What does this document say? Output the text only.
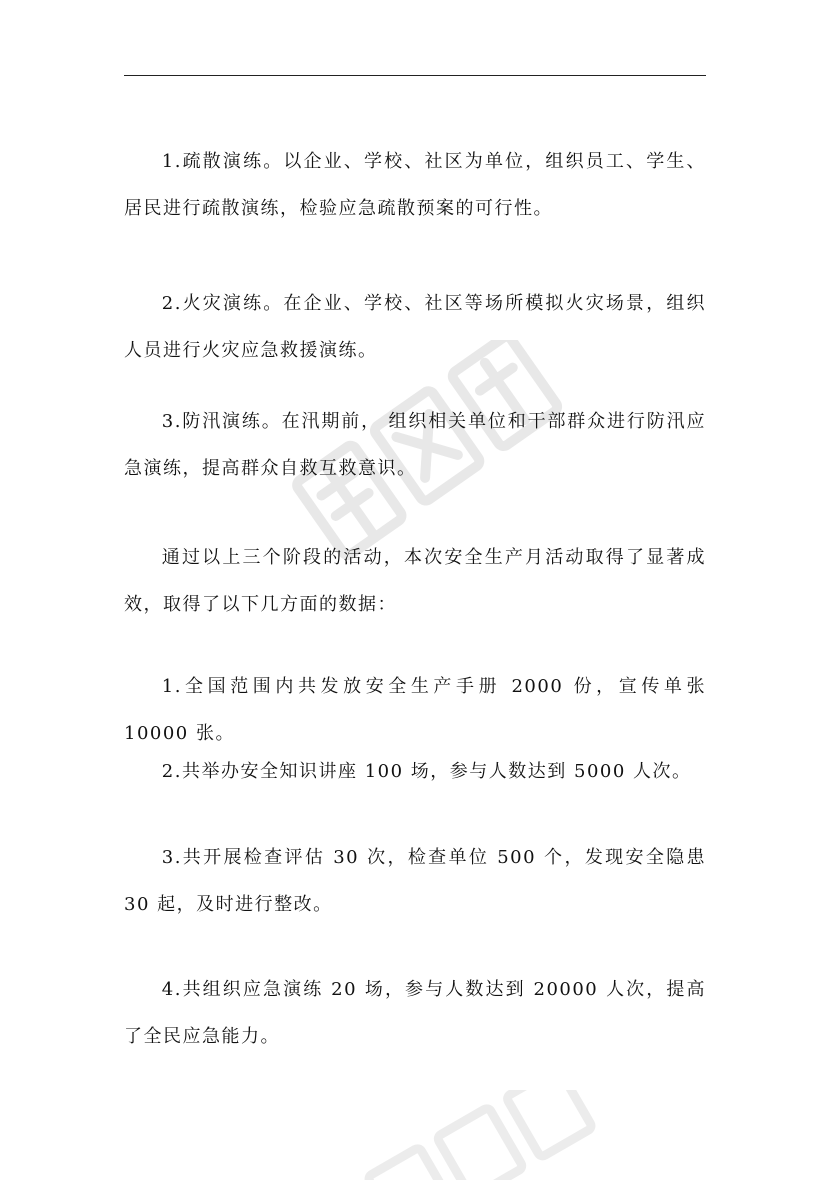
1.疏散演练。以企业、学校、社区为单位，组织员工、学生、居民进行疏散演练，检验应急疏散预案的可行性。

2.火灾演练。在企业、学校、社区等场所模拟火灾场景，组织人员进行火灾应急救援演练。

3.防汛演练。在汛期前， 组织相关单位和干部群众进行防汛应急演练，提高群众自救互救意识。

通过以上三个阶段的活动，本次安全生产月活动取得了显著成效，取得了以下几方面的数据：

1.全国范围内共发放安全生产手册 2000 份，宣传单张 10000 张。

2.共举办安全知识讲座 100 场，参与人数达到 5000 人次。

3.共开展检查评估 30 次，检查单位 500 个，发现安全隐患 30 起，及时进行整改。

4.共组织应急演练 20 场，参与人数达到 20000 人次，提高了全民应急能力。
